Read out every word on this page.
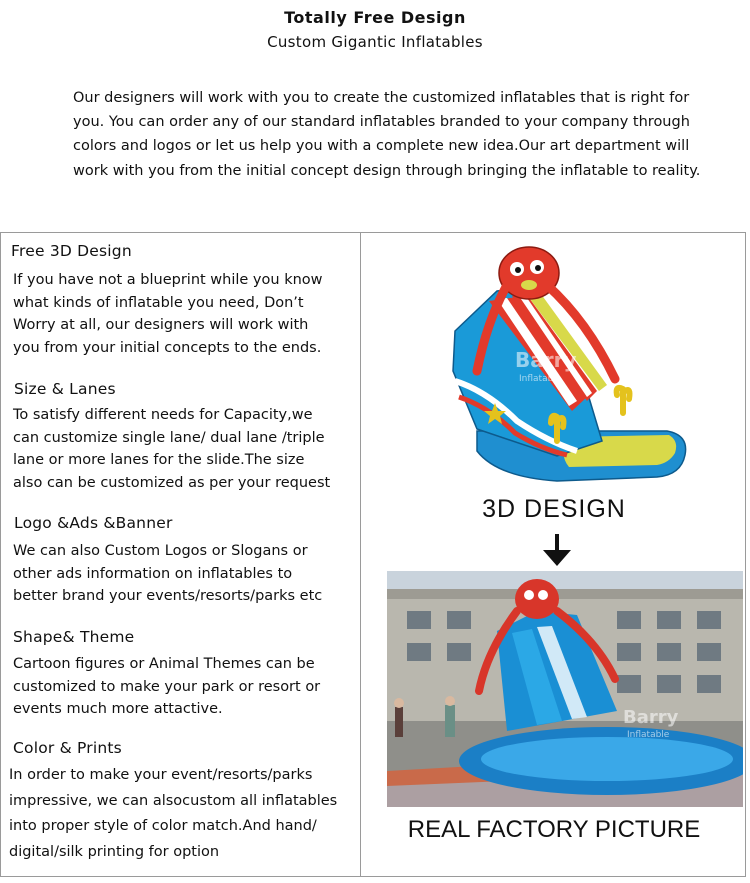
Totally Free Design
Custom Gigantic Inflatables

Our designers will work with you to create the customized inflatables that is right for you. You can order any of our standard inflatables branded to your company through colors and logos or let us help you with a complete new idea.Our art department will work with you from the initial concept design through bringing the inflatable to reality.

Free 3D Design
If you have not a blueprint while you know
what kinds of inflatable you need, Don’t
Worry at all, our designers will work with
you from your initial concepts to the ends.
Size & Lanes
To satisfy different needs for Capacity,we
can customize single lane/ dual lane /triple
lane or more lanes for the slide.The size
also can be customized as per your request
Logo &Ads &Banner
We can also Custom Logos or Slogans or
other ads information on inflatables to
better brand your events/resorts/parks etc
Shape& Theme
Cartoon figures or Animal Themes can be
customized to make your park or resort or
events much more attactive.
Color & Prints
In order to make your event/resorts/parks
impressive, we can alsocustom all inflatables
into proper style of color match.And hand/
digital/silk printing for option
Barry
Inflatable
3D DESIGN
Barry
Inflatable
REAL FACTORY PICTURE
